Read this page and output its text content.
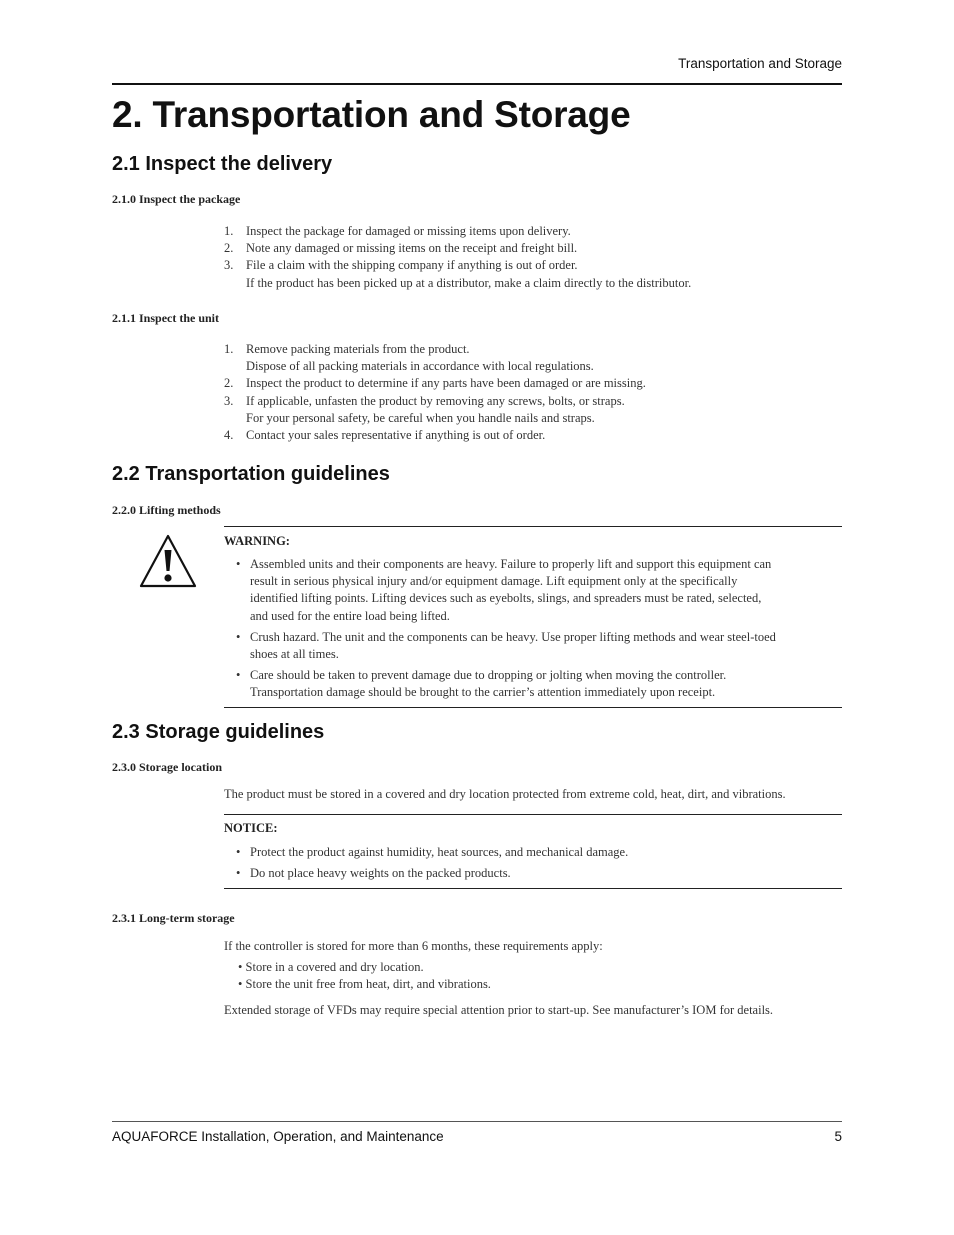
Transportation and Storage
2. Transportation and Storage
2.1 Inspect the delivery
2.1.0 Inspect the package
1. Inspect the package for damaged or missing items upon delivery.
2. Note any damaged or missing items on the receipt and freight bill.
3. File a claim with the shipping company if anything is out of order.
If the product has been picked up at a distributor, make a claim directly to the distributor.
2.1.1 Inspect the unit
1. Remove packing materials from the product.
Dispose of all packing materials in accordance with local regulations.
2. Inspect the product to determine if any parts have been damaged or are missing.
3. If applicable, unfasten the product by removing any screws, bolts, or straps.
For your personal safety, be careful when you handle nails and straps.
4. Contact your sales representative if anything is out of order.
2.2 Transportation guidelines
2.2.0 Lifting methods
WARNING:
• Assembled units and their components are heavy. Failure to properly lift and support this equipment can result in serious physical injury and/or equipment damage. Lift equipment only at the specifically identified lifting points. Lifting devices such as eyebolts, slings, and spreaders must be rated, selected, and used for the entire load being lifted.
• Crush hazard. The unit and the components can be heavy. Use proper lifting methods and wear steel-toed shoes at all times.
• Care should be taken to prevent damage due to dropping or jolting when moving the controller. Transportation damage should be brought to the carrier’s attention immediately upon receipt.
2.3 Storage guidelines
2.3.0 Storage location
The product must be stored in a covered and dry location protected from extreme cold, heat, dirt, and vibrations.
NOTICE:
• Protect the product against humidity, heat sources, and mechanical damage.
• Do not place heavy weights on the packed products.
2.3.1 Long-term storage
If the controller is stored for more than 6 months, these requirements apply:
• Store in a covered and dry location.
• Store the unit free from heat, dirt, and vibrations.
Extended storage of VFDs may require special attention prior to start-up. See manufacturer’s IOM for details.
AQUAFORCE Installation, Operation, and Maintenance	5
